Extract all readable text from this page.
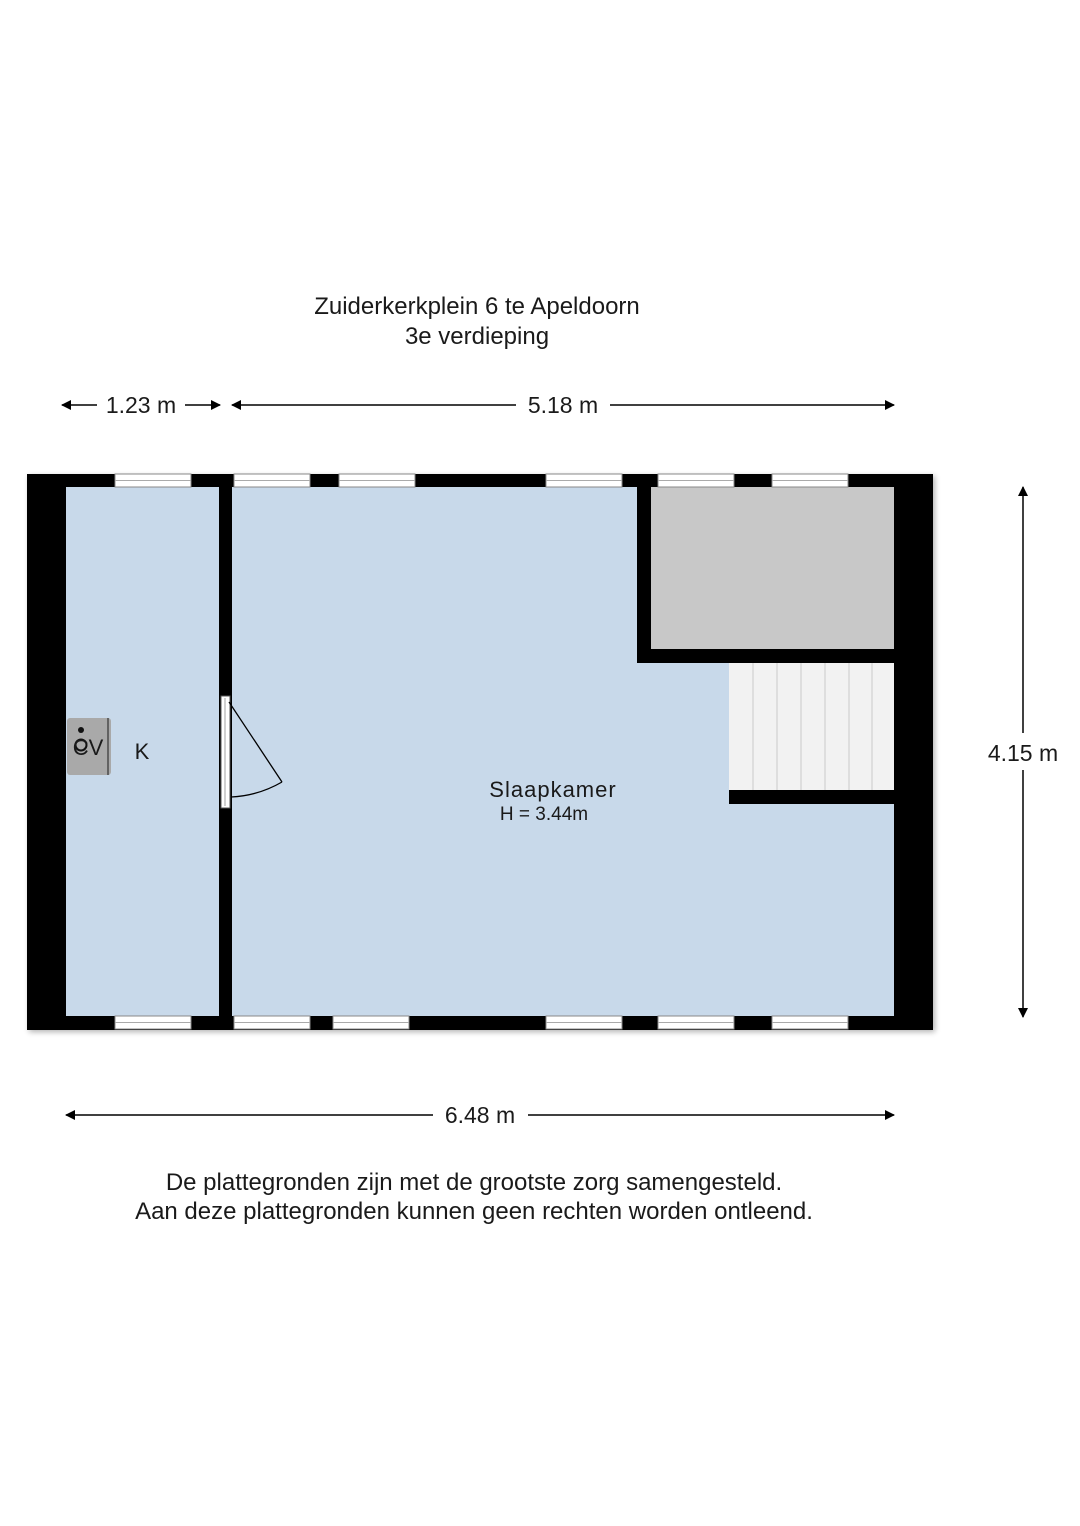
Zuiderkerkplein 6 te Apeldoorn
3e verdieping
1.23 m	5.18 m
4.15 m
6.48 m
CV K
Slaapkamer
H = 3.44m
De plattegronden zijn met de grootste zorg samengesteld.
Aan deze plattegronden kunnen geen rechten worden ontleend.
